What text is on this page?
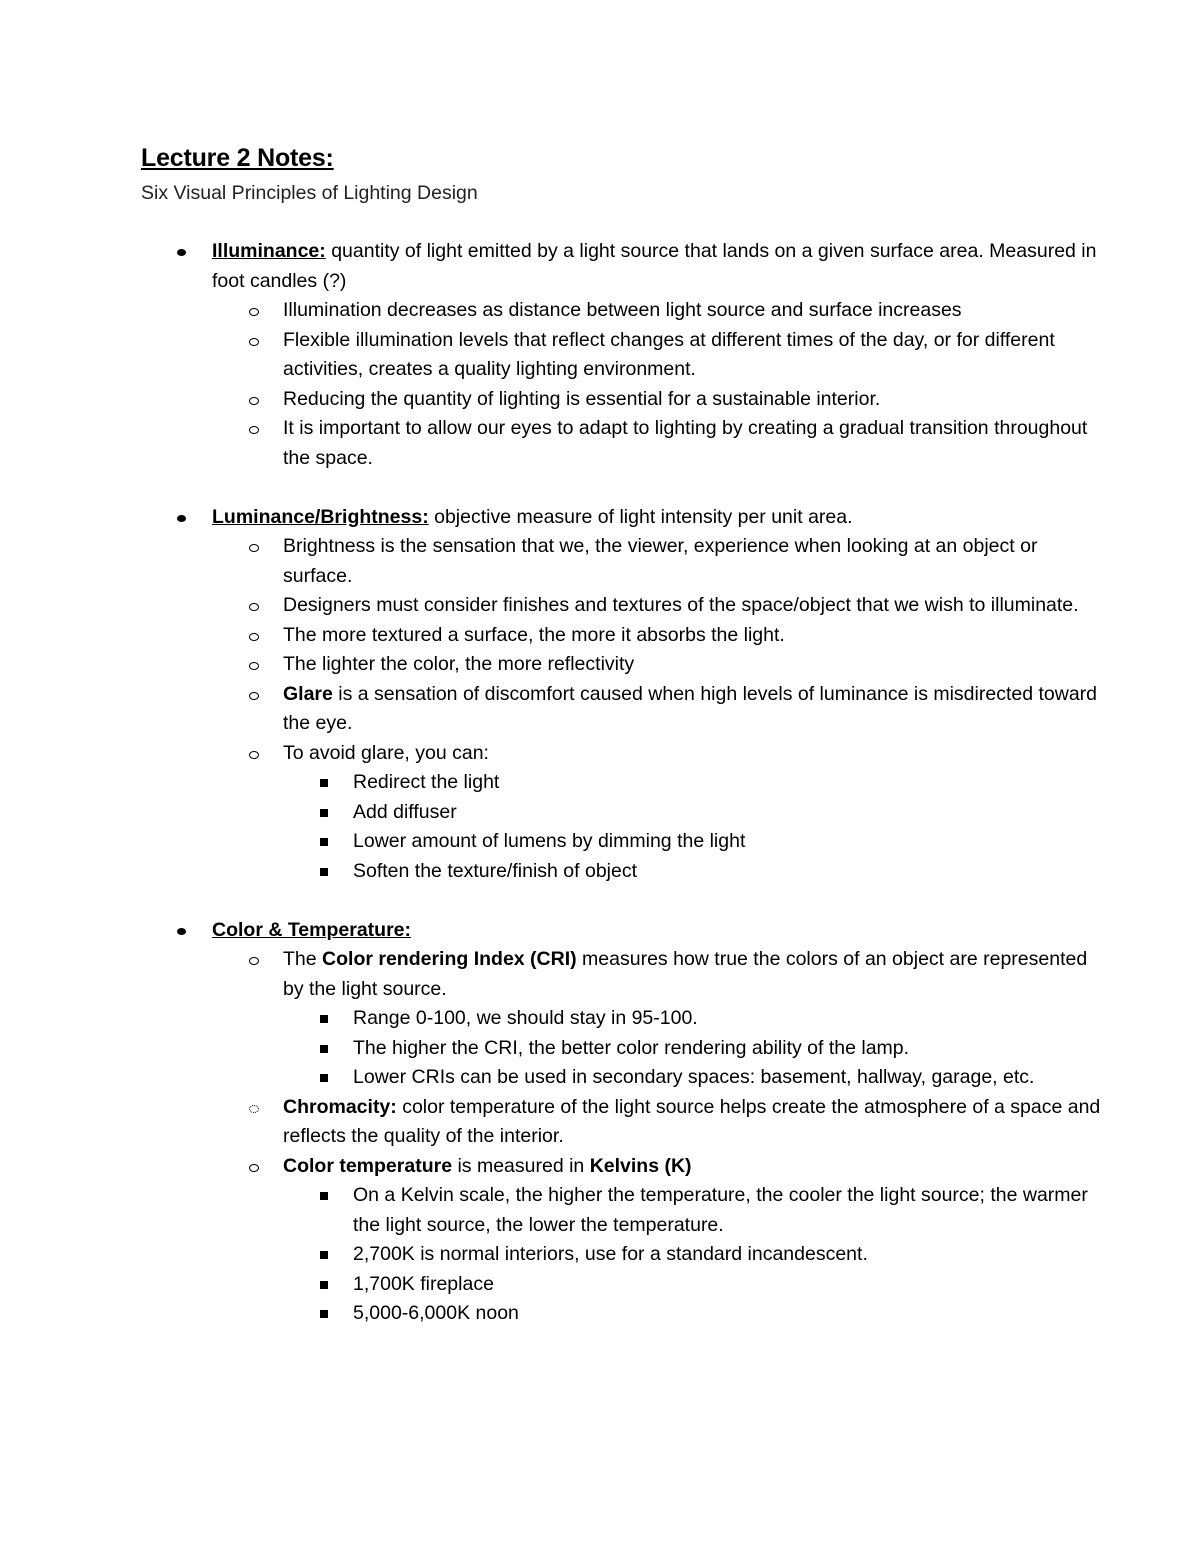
Lecture 2 Notes:

Six Visual Principles of Lighting Design

Illuminance: quantity of light emitted by a light source that lands on a given surface area. Measured in foot candles (?)
Illumination decreases as distance between light source and surface increases
Flexible illumination levels that reflect changes at different times of the day, or for different activities, creates a quality lighting environment.
Reducing the quantity of lighting is essential for a sustainable interior.
It is important to allow our eyes to adapt to lighting by creating a gradual transition throughout the space.
Luminance/Brightness: objective measure of light intensity per unit area.
Brightness is the sensation that we, the viewer, experience when looking at an object or surface.
Designers must consider finishes and textures of the space/object that we wish to illuminate.
The more textured a surface, the more it absorbs the light.
The lighter the color, the more reflectivity
Glare is a sensation of discomfort caused when high levels of luminance is misdirected toward the eye.
To avoid glare, you can:
Redirect the light
Add diffuser
Lower amount of lumens by dimming the light
Soften the texture/finish of object
Color & Temperature:
The Color rendering Index (CRI) measures how true the colors of an object are represented by the light source.
Range 0-100, we should stay in 95-100.
The higher the CRI, the better color rendering ability of the lamp.
Lower CRIs can be used in secondary spaces: basement, hallway, garage, etc.
Chromacity: color temperature of the light source helps create the atmosphere of a space and reflects the quality of the interior.
Color temperature is measured in Kelvins (K)
On a Kelvin scale, the higher the temperature, the cooler the light source; the warmer the light source, the lower the temperature.
2,700K is normal interiors, use for a standard incandescent.
1,700K fireplace
5,000-6,000K noon
